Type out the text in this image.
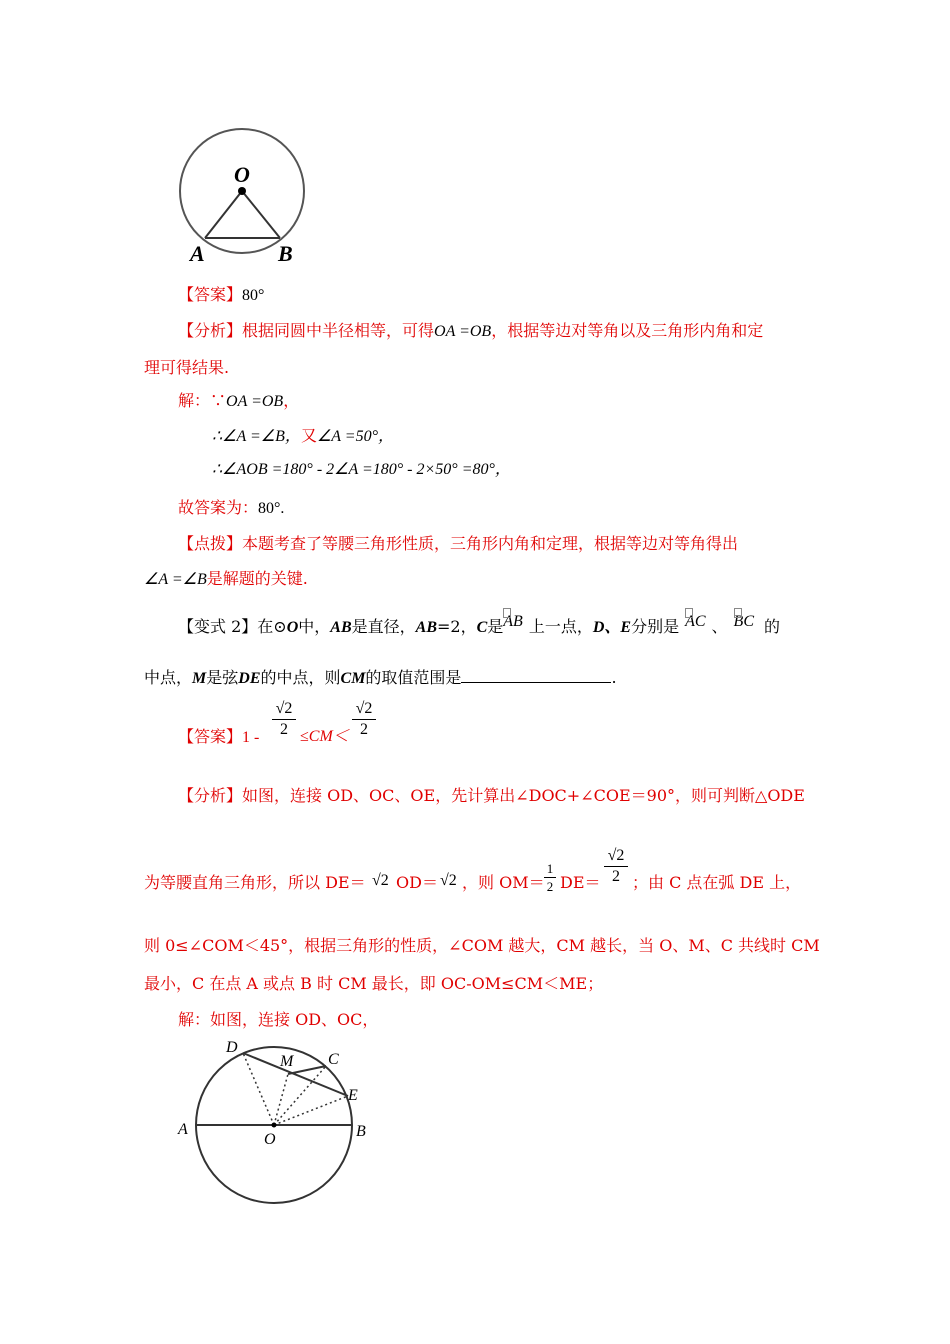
O
A	B
【答案】80°
【分析】根据同圆中半径相等，可得OA =OB，根据等边对等角以及三角形内角和定
理可得结果.
解：∵OA =OB，
∴∠A =∠B，又∠A =50°，
∴∠AOB =180° - 2∠A =180° - 2×50° =80°，
故答案为：80°.
【点拨】本题考查了等腰三角形性质，三角形内角和定理，根据等边对等角得出
∠A =∠B是解题的关键.
【变式 2】在⊙O中，AB是直径，AB=2，C是AB 上一点，D、E分别是 AC 、 BC 的
中点，M是弦DE的中点，则CM的取值范围是	.
【答案】1 -
√2
2 ≤CM＜
√2
2
【分析】如图，连接 OD、OC、OE，先计算出∠DOC+∠COE＝90°，则可判断△ODE
为等腰直角三角形，所以 DE＝ √2 OD＝ √2 ，则 OM＝
1
2 DE＝
√2
2 ；由 C 点在弧 DE 上，
则 0≤∠COM＜45°，根据三角形的性质，∠COM 越大，CM 越长，当 O、M、C 共线时 CM
最小，C 在点 A 或点 B 时 CM 最长，即 OC-OM≤CM＜ME；
解：如图，连接 OD、OC，
D
M C
E
A
O	B
